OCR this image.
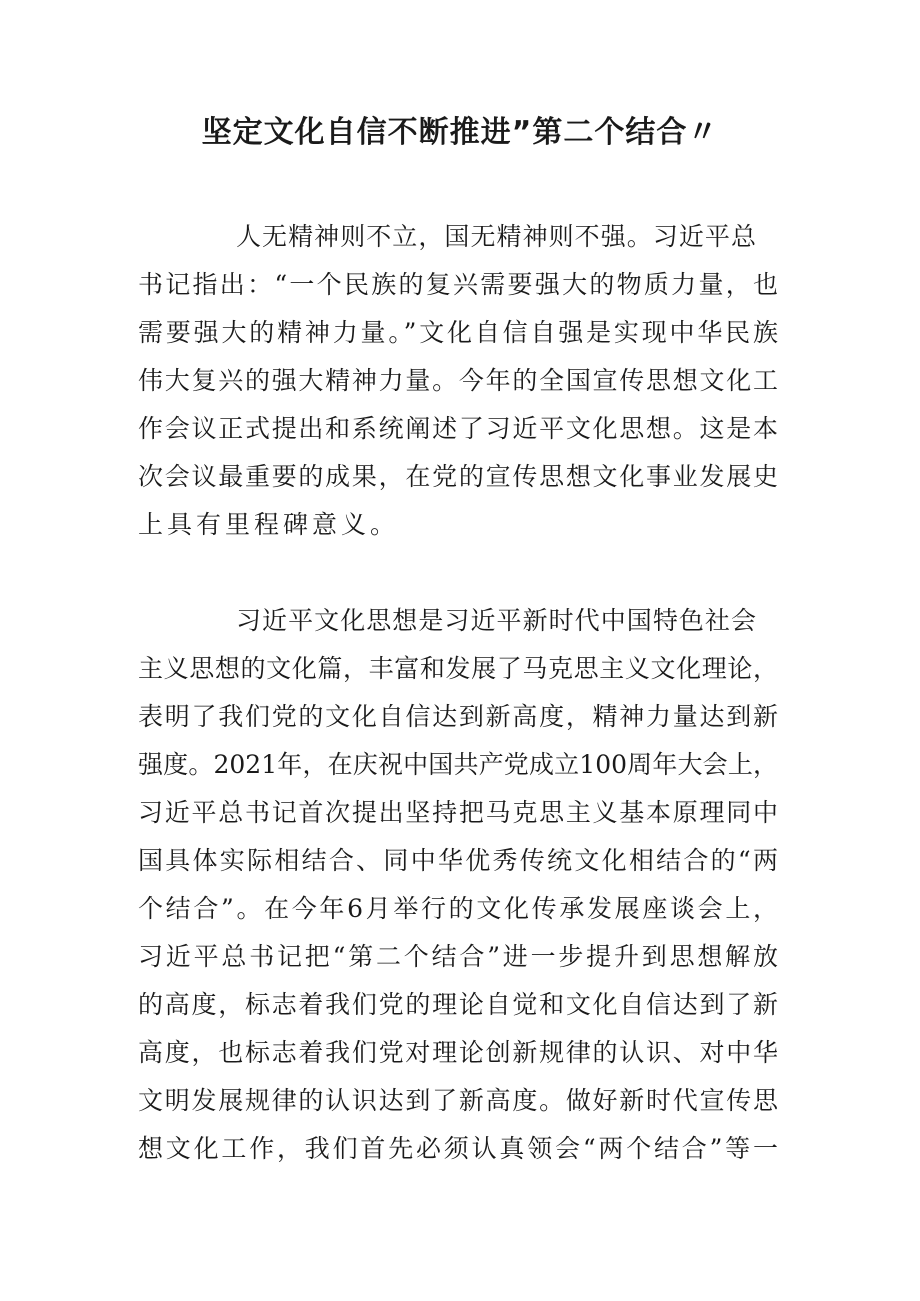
坚定文化自信不断推进”第二个结合〃
人无精神则不立，国无精神则不强。习近平总
书记指出：“一个民族的复兴需要强大的物质力量，也
需要强大的精神力量。”文化自信自强是实现中华民族
伟大复兴的强大精神力量。今年的全国宣传思想文化工
作会议正式提出和系统阐述了习近平文化思想。这是本
次会议最重要的成果，在党的宣传思想文化事业发展史
上具有里程碑意义。
习近平文化思想是习近平新时代中国特色社会
主义思想的文化篇，丰富和发展了马克思主义文化理论，
表明了我们党的文化自信达到新高度，精神力量达到新
强度。2021年，在庆祝中国共产党成立100周年大会上，
习近平总书记首次提出坚持把马克思主义基本原理同中
国具体实际相结合、同中华优秀传统文化相结合的“两
个结合”。在今年6月举行的文化传承发展座谈会上，
习近平总书记把“第二个结合”进一步提升到思想解放
的高度，标志着我们党的理论自觉和文化自信达到了新
高度，也标志着我们党对理论创新规律的认识、对中华
文明发展规律的认识达到了新高度。做好新时代宣传思
想文化工作，我们首先必须认真领会“两个结合”等一
